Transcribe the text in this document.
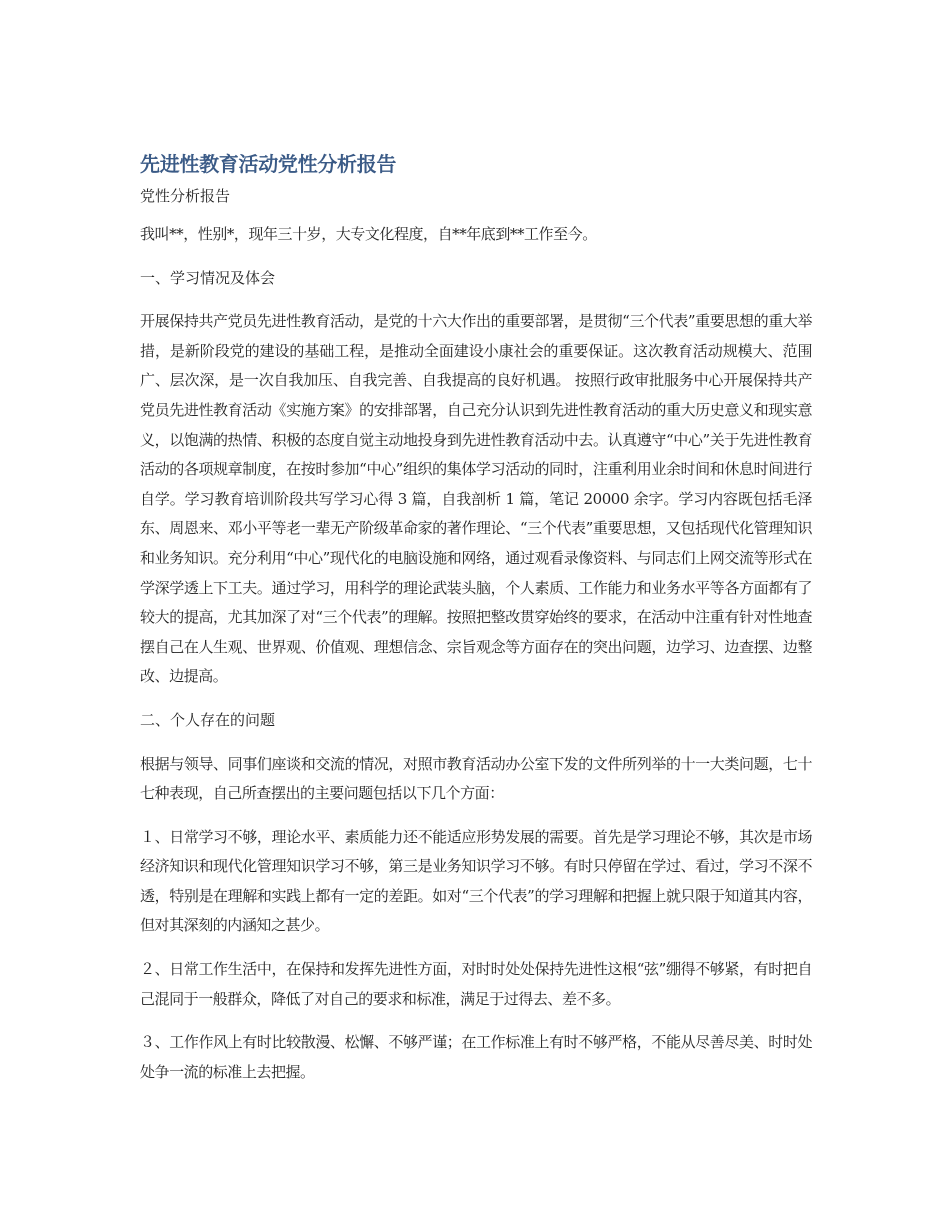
先进性教育活动党性分析报告

党性分析报告

我叫**，性别*，现年三十岁，大专文化程度，自**年底到**工作至今。

一、学习情况及体会

开展保持共产党员先进性教育活动，是党的十六大作出的重要部署，是贯彻“三个代表”重要思想的重大举措，是新阶段党的建设的基础工程，是推动全面建设小康社会的重要保证。这次教育活动规模大、范围广、层次深，是一次自我加压、自我完善、自我提高的良好机遇。 按照行政审批服务中心开展保持共产党员先进性教育活动《实施方案》的安排部署，自己充分认识到先进性教育活动的重大历史意义和现实意义，以饱满的热情、积极的态度自觉主动地投身到先进性教育活动中去。认真遵守“中心”关于先进性教育活动的各项规章制度，在按时参加“中心”组织的集体学习活动的同时，注重利用业余时间和休息时间进行自学。学习教育培训阶段共写学习心得 3 篇，自我剖析 1 篇，笔记 20000 余字。学习内容既包括毛泽东、周恩来、邓小平等老一辈无产阶级革命家的著作理论、“三个代表”重要思想，又包括现代化管理知识和业务知识。充分利用“中心”现代化的电脑设施和网络，通过观看录像资料、与同志们上网交流等形式在学深学透上下工夫。通过学习，用科学的理论武装头脑，个人素质、工作能力和业务水平等各方面都有了较大的提高，尤其加深了对“三个代表”的理解。按照把整改贯穿始终的要求，在活动中注重有针对性地查摆自己在人生观、世界观、价值观、理想信念、宗旨观念等方面存在的突出问题，边学习、边查摆、边整改、边提高。

二、个人存在的问题

根据与领导、同事们座谈和交流的情况，对照市教育活动办公室下发的文件所列举的十一大类问题，七十七种表现，自己所查摆出的主要问题包括以下几个方面：

１、日常学习不够，理论水平、素质能力还不能适应形势发展的需要。首先是学习理论不够，其次是市场经济知识和现代化管理知识学习不够，第三是业务知识学习不够。有时只停留在学过、看过，学习不深不透，特别是在理解和实践上都有一定的差距。如对“三个代表”的学习理解和把握上就只限于知道其内容，但对其深刻的内涵知之甚少。

２、日常工作生活中，在保持和发挥先进性方面，对时时处处保持先进性这根“弦”绷得不够紧，有时把自己混同于一般群众，降低了对自己的要求和标准，满足于过得去、差不多。

３、工作作风上有时比较散漫、松懈、不够严谨；在工作标准上有时不够严格，不能从尽善尽美、时时处处争一流的标准上去把握。
